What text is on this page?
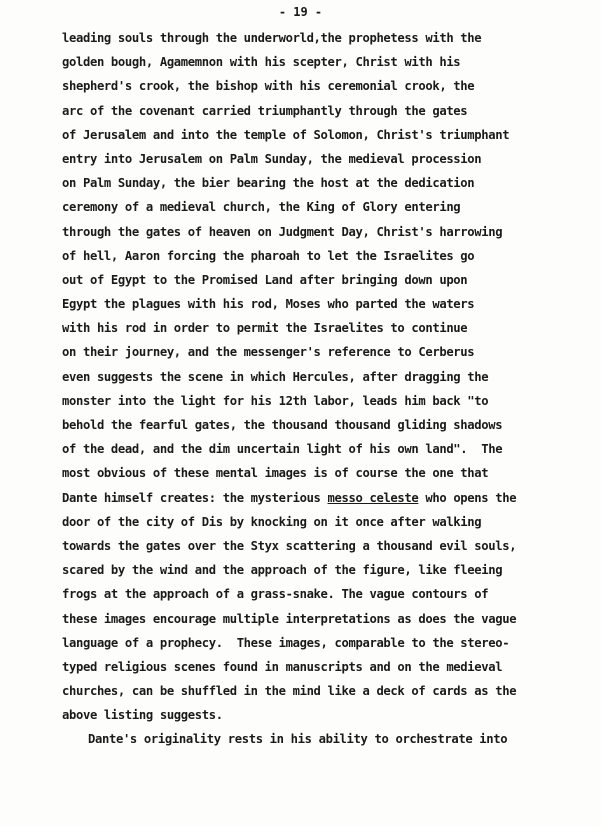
- 19 -
leading souls through the underworld,the prophetess with the
golden bough, Agamemnon with his scepter, Christ with his
shepherd's crook, the bishop with his ceremonial crook, the
arc of the covenant carried triumphantly through the gates
of Jerusalem and into the temple of Solomon, Christ's triumphant
entry into Jerusalem on Palm Sunday, the medieval procession
on Palm Sunday, the bier bearing the host at the dedication
ceremony of a medieval church, the King of Glory entering
through the gates of heaven on Judgment Day, Christ's harrowing
of hell, Aaron forcing the pharoah to let the Israelites go
out of Egypt to the Promised Land after bringing down upon
Egypt the plagues with his rod, Moses who parted the waters
with his rod in order to permit the Israelites to continue
on their journey, and the messenger's reference to Cerberus
even suggests the scene in which Hercules, after dragging the
monster into the light for his 12th labor, leads him back "to
behold the fearful gates, the thousand thousand gliding shadows
of the dead, and the dim uncertain light of his own land".  The
most obvious of these mental images is of course the one that
Dante himself creates: the mysterious messo celeste who opens the
door of the city of Dis by knocking on it once after walking
towards the gates over the Styx scattering a thousand evil souls,
scared by the wind and the approach of the figure, like fleeing
frogs at the approach of a grass-snake. The vague contours of
these images encourage multiple interpretations as does the vague
language of a prophecy.  These images, comparable to the stereo-
typed religious scenes found in manuscripts and on the medieval
churches, can be shuffled in the mind like a deck of cards as the
above listing suggests.
Dante's originality rests in his ability to orchestrate into
